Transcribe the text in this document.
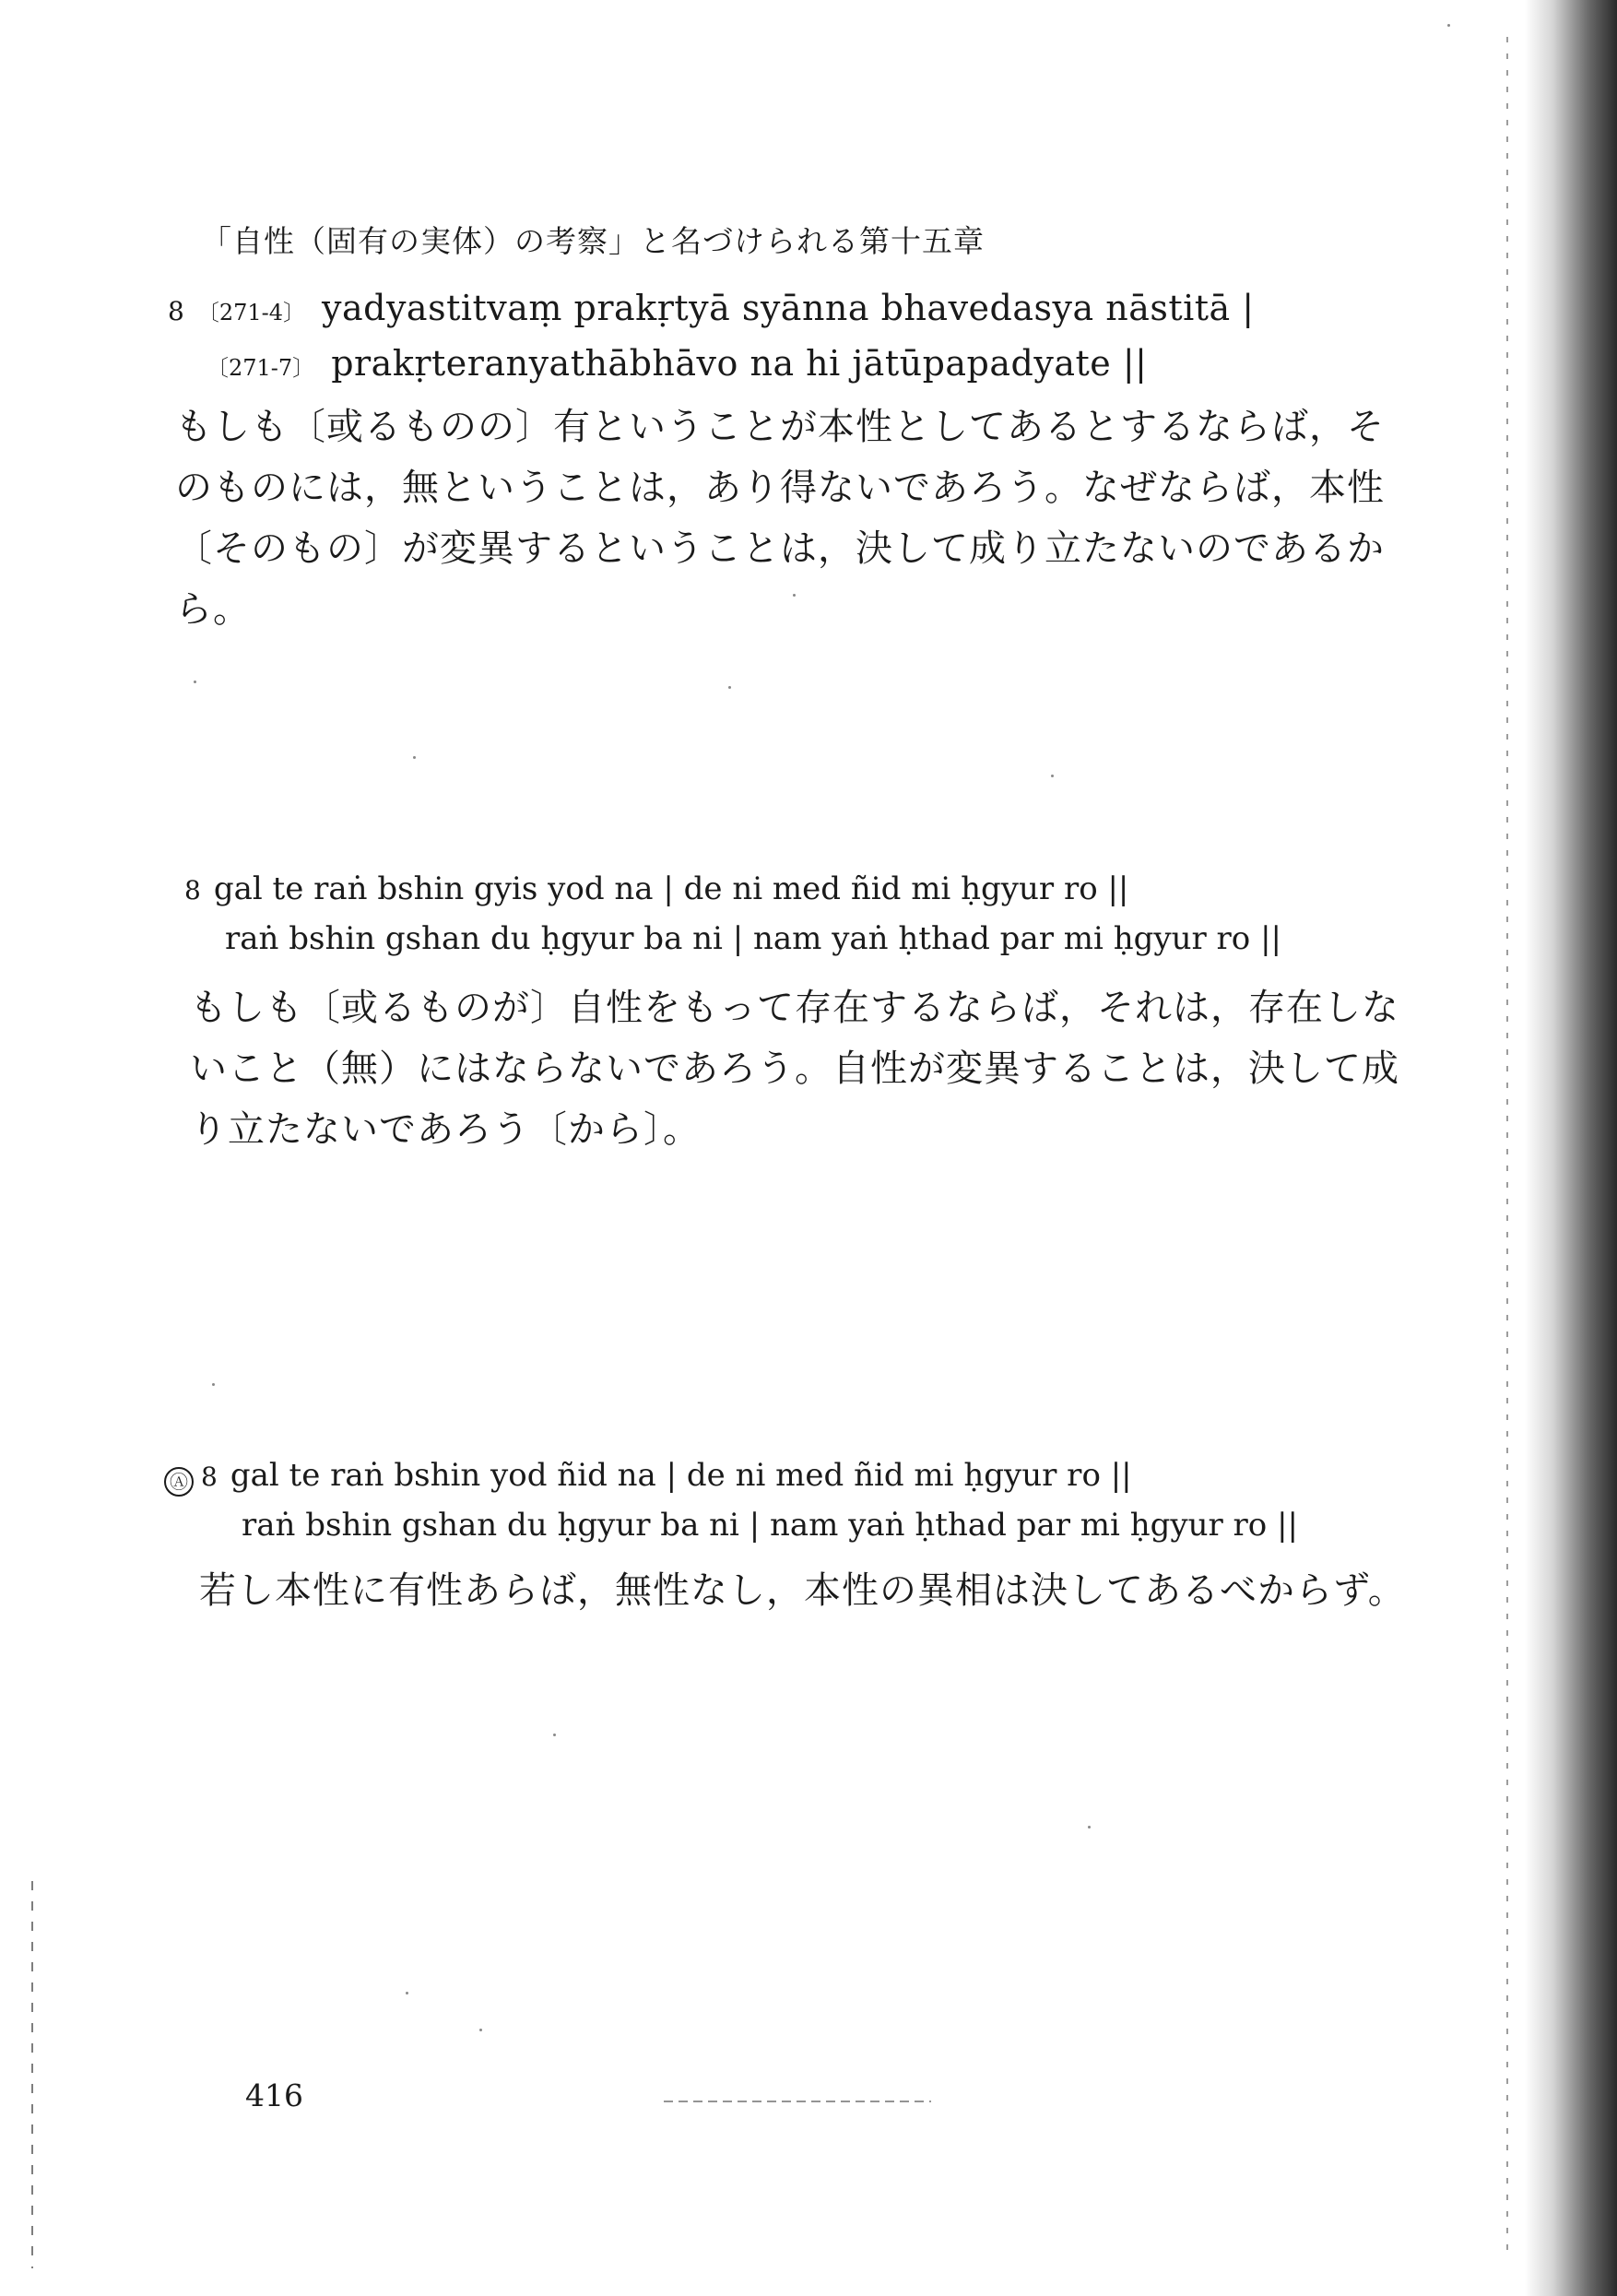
「自性（固有の実体）の考察」と名づけられる第十五章
8 〔271-4〕 yadyastitvaṃ prakṛtyā syānna bhavedasya nāstitā |
〔271-7〕 prakṛteranyathābhāvo na hi jātūpapadyate ||
もしも〔或るものの〕有ということが本性としてあるとするならば，そのものには，無ということは，あり得ないであろう。なぜならば，本性〔そのもの〕が変異するということは，決して成り立たないのであるから。
8 gal te raṅ bshin gyis yod na | de ni med ñid mi ḥgyur ro ||
raṅ bshin gshan du ḥgyur ba ni | nam yaṅ ḥthad par mi ḥgyur ro ||
もしも〔或るものが〕自性をもって存在するならば，それは，存在しないこと（無）にはならないであろう。自性が変異することは，決して成り立たないであろう〔から〕。
Ⓐ 8 gal te raṅ bshin yod ñid na | de ni med ñid mi ḥgyur ro ||
raṅ bshin gshan du ḥgyur ba ni | nam yaṅ ḥthad par mi ḥgyur ro ||
若し本性に有性あらば，無性なし，本性の異相は決してあるべからず。
416
